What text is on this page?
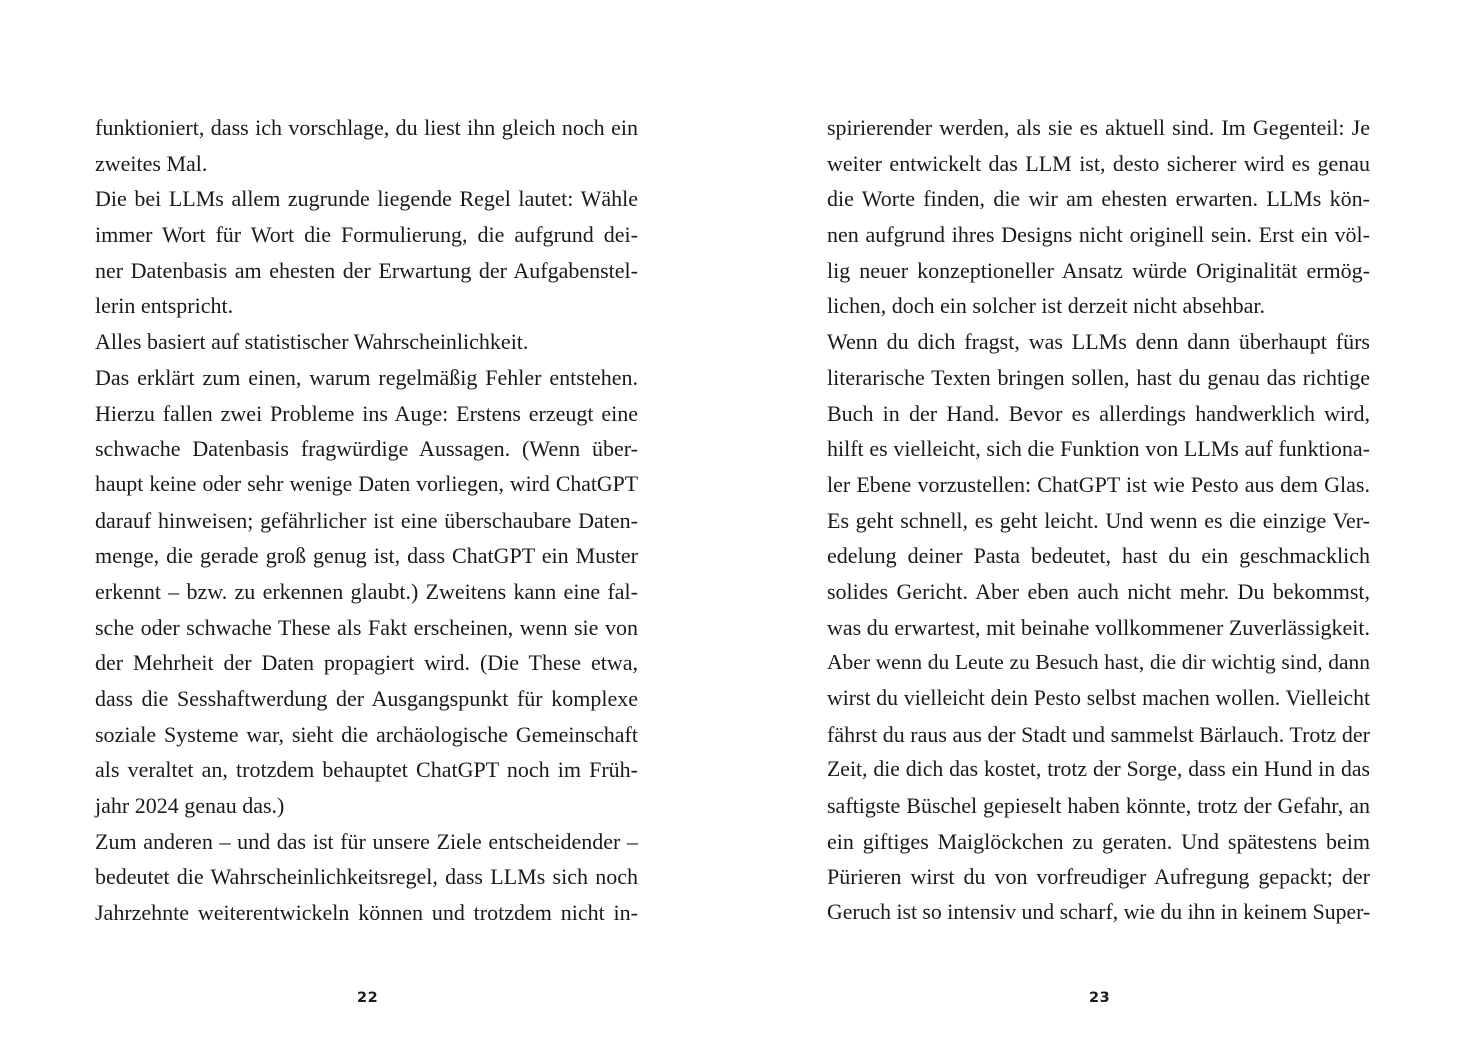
funktioniert, dass ich vorschlage, du liest ihn gleich noch ein
zweites Mal.
Die bei LLMs allem zugrunde liegende Regel lautet: Wähle
immer Wort für Wort die Formulierung, die aufgrund dei-
ner Datenbasis am ehesten der Erwartung der Aufgabenstel-
lerin entspricht.
Alles basiert auf statistischer Wahrscheinlichkeit.
Das erklärt zum einen, warum regelmäßig Fehler entstehen.
Hierzu fallen zwei Probleme ins Auge: Erstens erzeugt eine
schwache Datenbasis fragwürdige Aussagen. (Wenn über-
haupt keine oder sehr wenige Daten vorliegen, wird ChatGPT
darauf hinweisen; gefährlicher ist eine überschaubare Daten-
menge, die gerade groß genug ist, dass ChatGPT ein Muster
erkennt – bzw. zu erkennen glaubt.) Zweitens kann eine fal-
sche oder schwache These als Fakt erscheinen, wenn sie von
der Mehrheit der Daten propagiert wird. (Die These etwa,
dass die Sesshaftwerdung der Ausgangspunkt für komplexe
soziale Systeme war, sieht die archäologische Gemeinschaft
als veraltet an, trotzdem behauptet ChatGPT noch im Früh-
jahr 2024 genau das.)
Zum anderen – und das ist für unsere Ziele entscheidender –
bedeutet die Wahrscheinlichkeitsregel, dass LLMs sich noch
Jahrzehnte weiterentwickeln können und trotzdem nicht in-
22
spirierender werden, als sie es aktuell sind. Im Gegenteil: Je
weiter entwickelt das LLM ist, desto sicherer wird es genau
die Worte finden, die wir am ehesten erwarten. LLMs kön-
nen aufgrund ihres Designs nicht originell sein. Erst ein völ-
lig neuer konzeptioneller Ansatz würde Originalität ermög-
lichen, doch ein solcher ist derzeit nicht absehbar.
Wenn du dich fragst, was LLMs denn dann überhaupt fürs
literarische Texten bringen sollen, hast du genau das richtige
Buch in der Hand. Bevor es allerdings handwerklich wird,
hilft es vielleicht, sich die Funktion von LLMs auf funktiona-
ler Ebene vorzustellen: ChatGPT ist wie Pesto aus dem Glas.
Es geht schnell, es geht leicht. Und wenn es die einzige Ver-
edelung deiner Pasta bedeutet, hast du ein geschmacklich
solides Gericht. Aber eben auch nicht mehr. Du bekommst,
was du erwartest, mit beinahe vollkommener Zuverlässigkeit.
Aber wenn du Leute zu Besuch hast, die dir wichtig sind, dann
wirst du vielleicht dein Pesto selbst machen wollen. Vielleicht
fährst du raus aus der Stadt und sammelst Bärlauch. Trotz der
Zeit, die dich das kostet, trotz der Sorge, dass ein Hund in das
saftigste Büschel gepieselt haben könnte, trotz der Gefahr, an
ein giftiges Maiglöckchen zu geraten. Und spätestens beim
Pürieren wirst du von vorfreudiger Aufregung gepackt; der
Geruch ist so intensiv und scharf, wie du ihn in keinem Super-
23
